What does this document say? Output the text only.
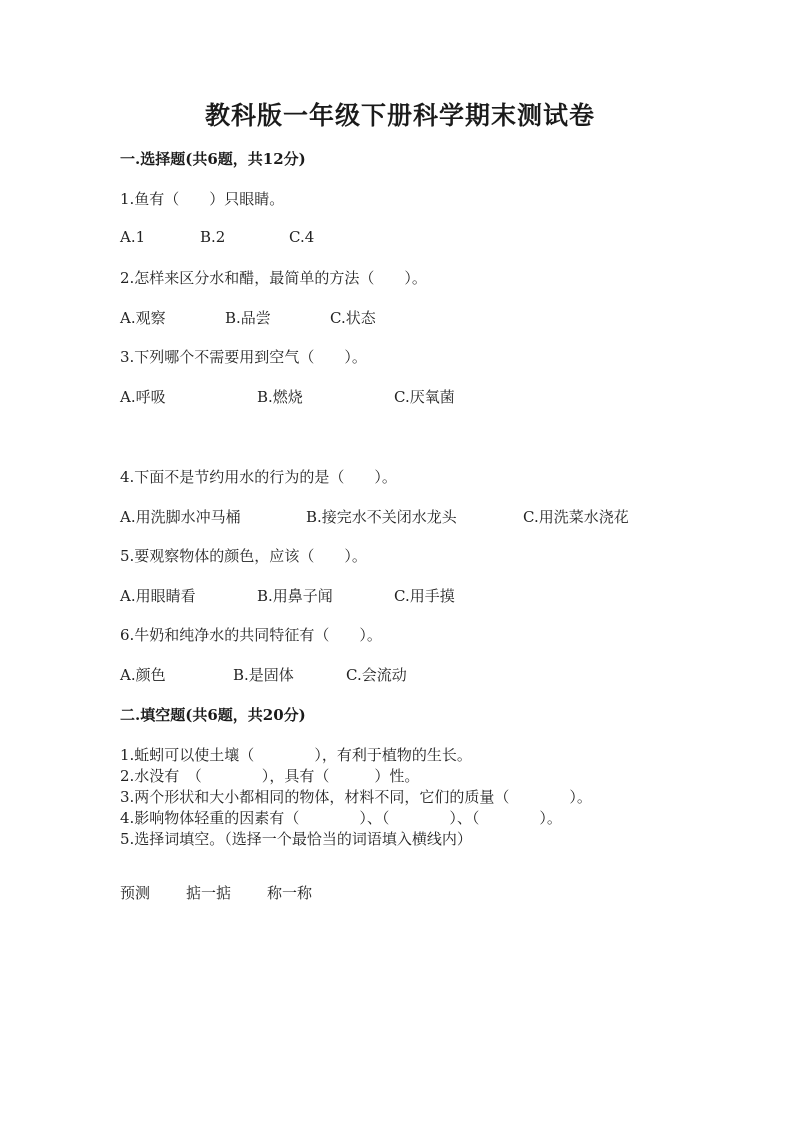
教科版一年级下册科学期末测试卷
一.选择题(共6题，共12分)
1.鱼有（　　）只眼睛。
A.1	B.2	C.4
2.怎样来区分水和醋，最简单的方法（　　）。
A.观察	B.品尝	C.状态
3.下列哪个不需要用到空气（　　）。
A.呼吸	B.燃烧	C.厌氧菌
4.下面不是节约用水的行为的是（　　）。
A.用洗脚水冲马桶	B.接完水不关闭水龙头	C.用洗菜水浇花
5.要观察物体的颜色，应该（　　）。
A.用眼睛看	B.用鼻子闻	C.用手摸
6.牛奶和纯净水的共同特征有（　　）。
A.颜色	B.是固体	C.会流动
二.填空题(共6题，共20分)
1.蚯蚓可以使土壤（　　　　），有利于植物的生长。
2.水没有　（　　　　），具有（　　　）性。
3.两个形状和大小都相同的物体，材料不同，它们的质量（　　　　）。
4.影响物体轻重的因素有（　　　　）、（　　　　）、（　　　　）。
5.选择词填空。（选择一个最恰当的词语填入横线内）
预测 掂一掂 称一称
